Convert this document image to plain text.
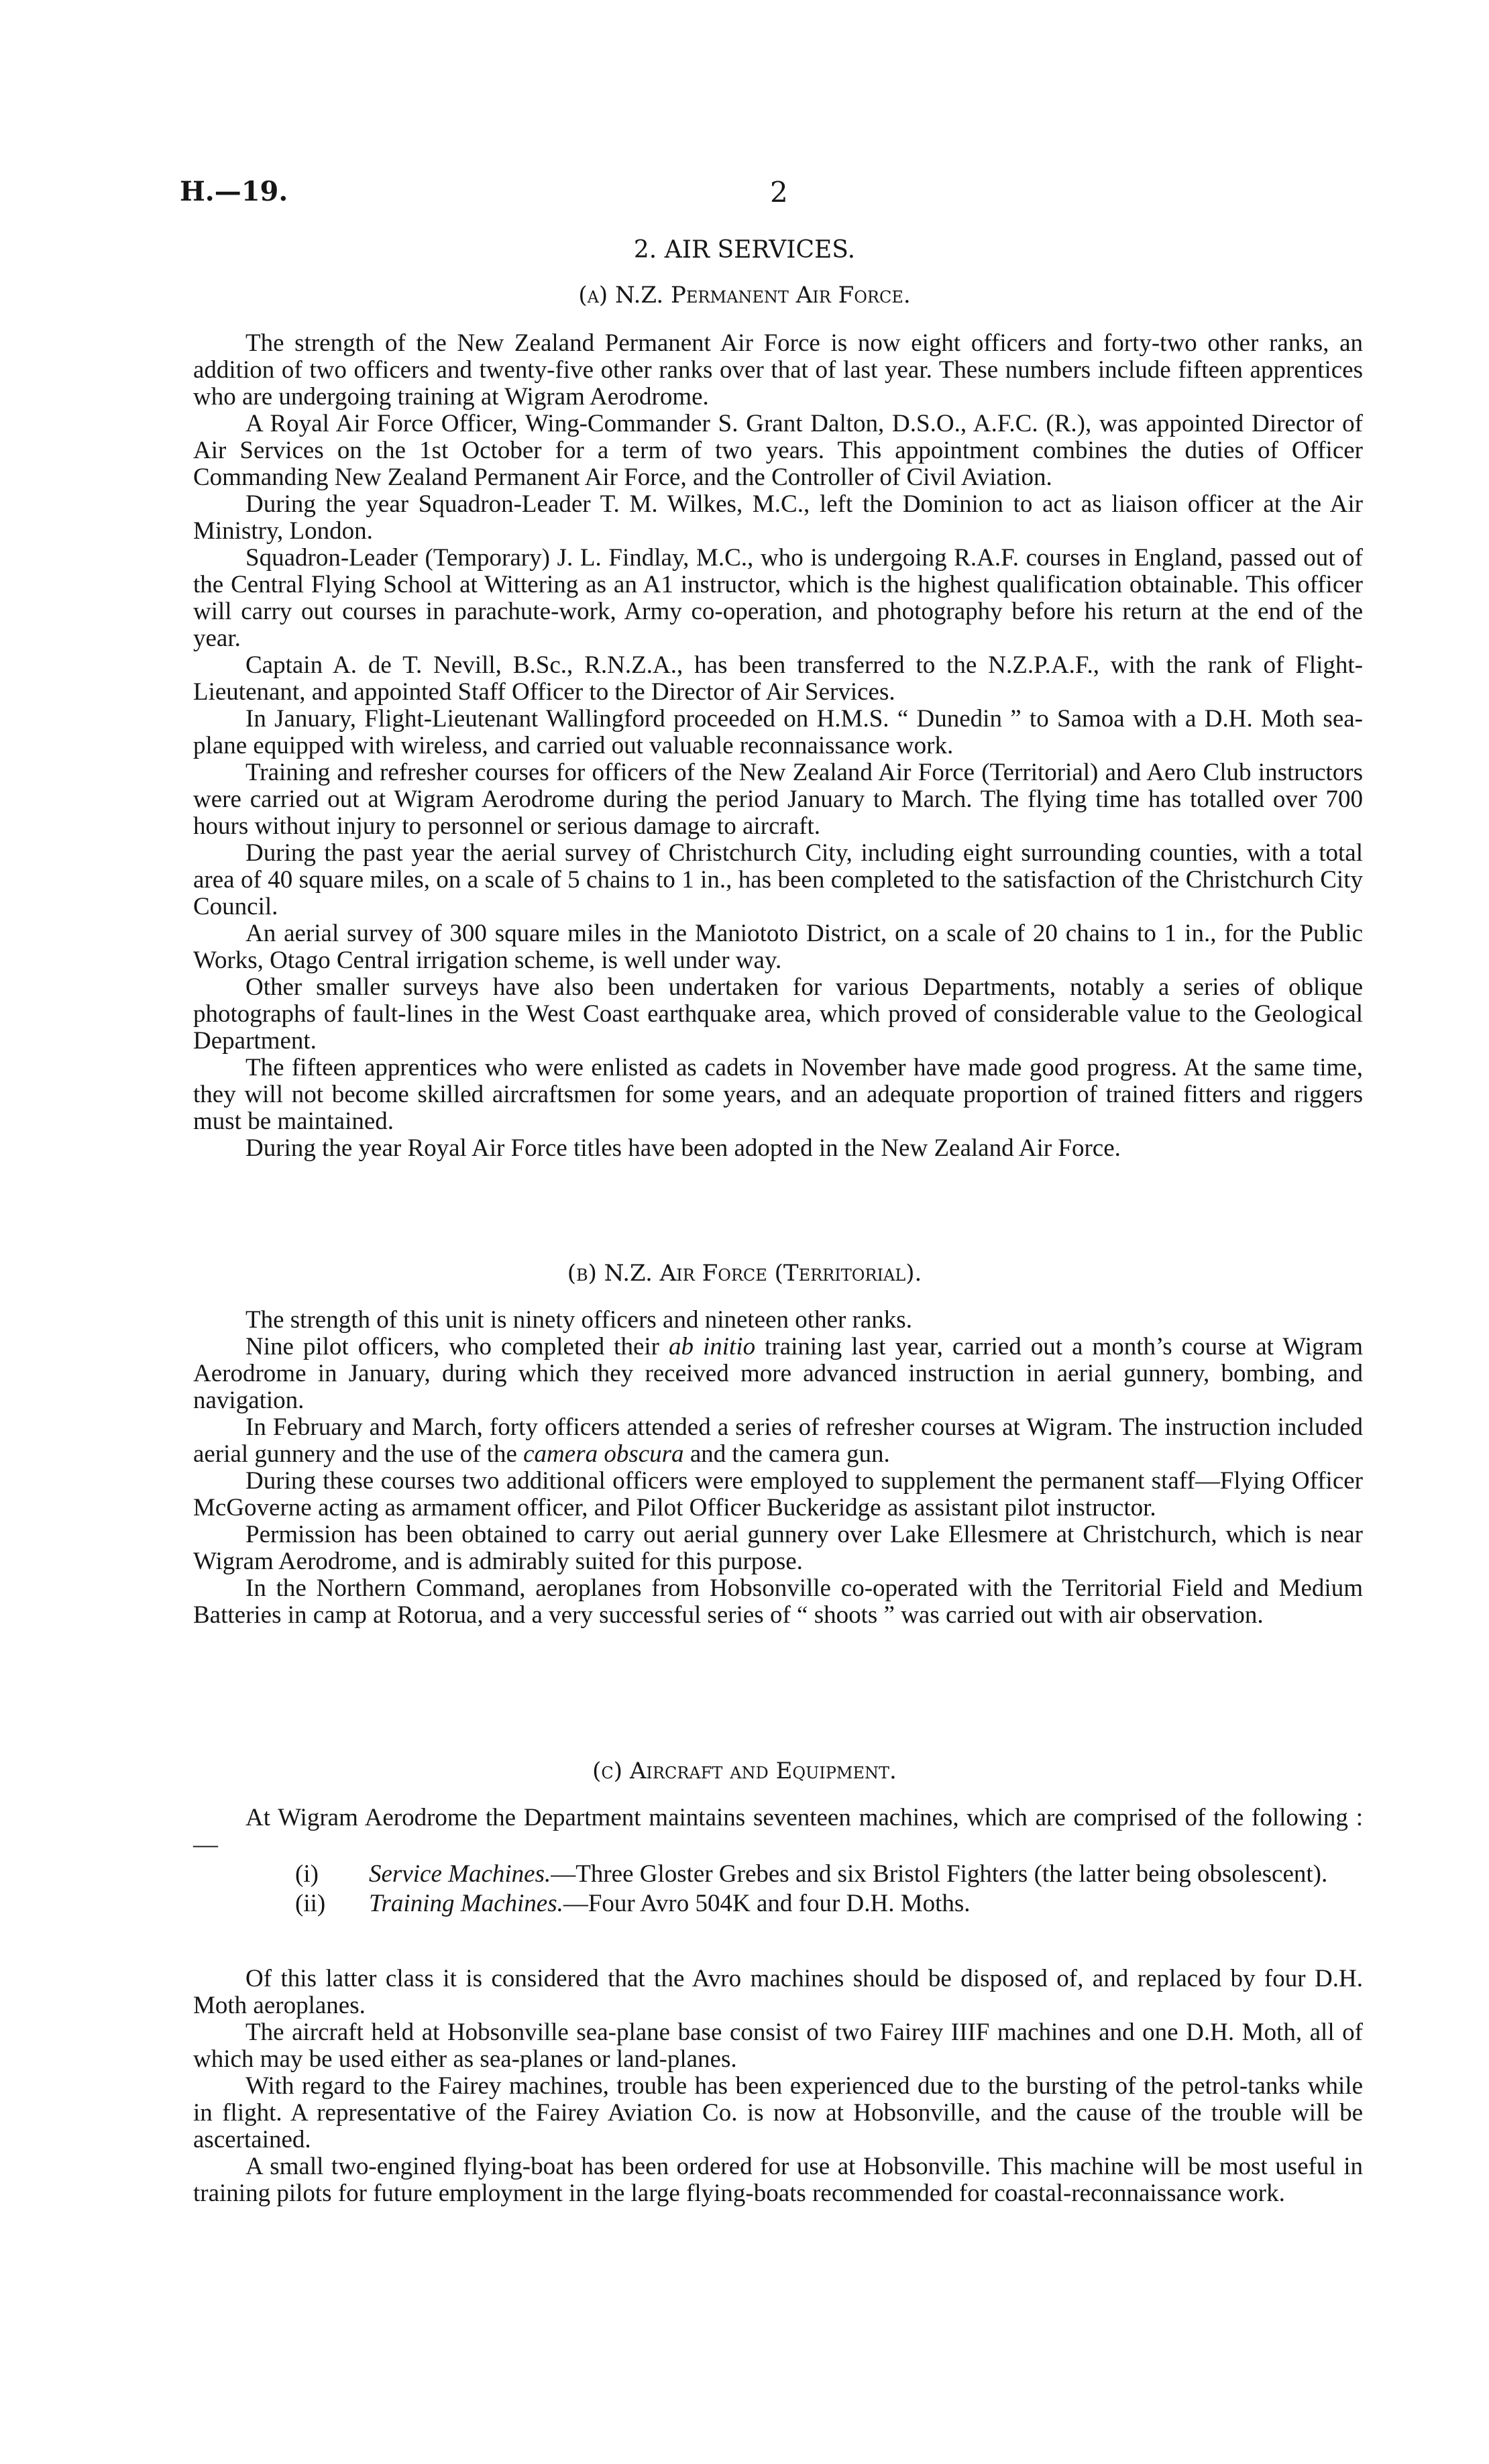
H.—19.	2
2. AIR SERVICES.
(a) N.Z. Permanent Air Force.

The strength of the New Zealand Permanent Air Force is now eight officers and forty-two other ranks, an addition of two officers and twenty-five other ranks over that of last year. These numbers include fifteen apprentices who are undergoing training at Wigram Aerodrome.

A Royal Air Force Officer, Wing-Commander S. Grant Dalton, D.S.O., A.F.C. (R.), was appointed Director of Air Services on the 1st October for a term of two years. This appointment combines the duties of Officer Commanding New Zealand Permanent Air Force, and the Controller of Civil Aviation.

During the year Squadron-Leader T. M. Wilkes, M.C., left the Dominion to act as liaison officer at the Air Ministry, London.

Squadron-Leader (Temporary) J. L. Findlay, M.C., who is undergoing R.A.F. courses in England, passed out of the Central Flying School at Wittering as an A1 instructor, which is the highest qualification obtainable. This officer will carry out courses in parachute-work, Army co-operation, and photography before his return at the end of the year.

Captain A. de T. Nevill, B.Sc., R.N.Z.A., has been transferred to the N.Z.P.A.F., with the rank of Flight-Lieutenant, and appointed Staff Officer to the Director of Air Services.

In January, Flight-Lieutenant Wallingford proceeded on H.M.S. “ Dunedin ” to Samoa with a D.H. Moth sea-plane equipped with wireless, and carried out valuable reconnaissance work.

Training and refresher courses for officers of the New Zealand Air Force (Territorial) and Aero Club instructors were carried out at Wigram Aerodrome during the period January to March. The flying time has totalled over 700 hours without injury to personnel or serious damage to aircraft.

During the past year the aerial survey of Christchurch City, including eight surrounding counties, with a total area of 40 square miles, on a scale of 5 chains to 1 in., has been completed to the satisfaction of the Christchurch City Council.

An aerial survey of 300 square miles in the Maniototo District, on a scale of 20 chains to 1 in., for the Public Works, Otago Central irrigation scheme, is well under way.

Other smaller surveys have also been undertaken for various Departments, notably a series of oblique photographs of fault-lines in the West Coast earthquake area, which proved of considerable value to the Geological Department.

The fifteen apprentices who were enlisted as cadets in November have made good progress. At the same time, they will not become skilled aircraftsmen for some years, and an adequate proportion of trained fitters and riggers must be maintained.

During the year Royal Air Force titles have been adopted in the New Zealand Air Force.

(b) N.Z. Air Force (Territorial).

The strength of this unit is ninety officers and nineteen other ranks.

Nine pilot officers, who completed their ab initio training last year, carried out a month’s course at Wigram Aerodrome in January, during which they received more advanced instruction in aerial gunnery, bombing, and navigation.

In February and March, forty officers attended a series of refresher courses at Wigram. The instruction included aerial gunnery and the use of the camera obscura and the camera gun.

During these courses two additional officers were employed to supplement the permanent staff—Flying Officer McGoverne acting as armament officer, and Pilot Officer Buckeridge as assistant pilot instructor.

Permission has been obtained to carry out aerial gunnery over Lake Ellesmere at Christchurch, which is near Wigram Aerodrome, and is admirably suited for this purpose.

In the Northern Command, aeroplanes from Hobsonville co-operated with the Territorial Field and Medium Batteries in camp at Rotorua, and a very successful series of “ shoots ” was carried out with air observation.

(c) Aircraft and Equipment.

At Wigram Aerodrome the Department maintains seventeen machines, which are comprised of the following :—

(i) Service Machines.—Three Gloster Grebes and six Bristol Fighters (the latter being obsolescent).
(ii) Training Machines.—Four Avro 504K and four D.H. Moths.

Of this latter class it is considered that the Avro machines should be disposed of, and replaced by four D.H. Moth aeroplanes.

The aircraft held at Hobsonville sea-plane base consist of two Fairey IIIF machines and one D.H. Moth, all of which may be used either as sea-planes or land-planes.

With regard to the Fairey machines, trouble has been experienced due to the bursting of the petrol-tanks while in flight. A representative of the Fairey Aviation Co. is now at Hobsonville, and the cause of the trouble will be ascertained.

A small two-engined flying-boat has been ordered for use at Hobsonville. This machine will be most useful in training pilots for future employment in the large flying-boats recommended for coastal-reconnaissance work.
